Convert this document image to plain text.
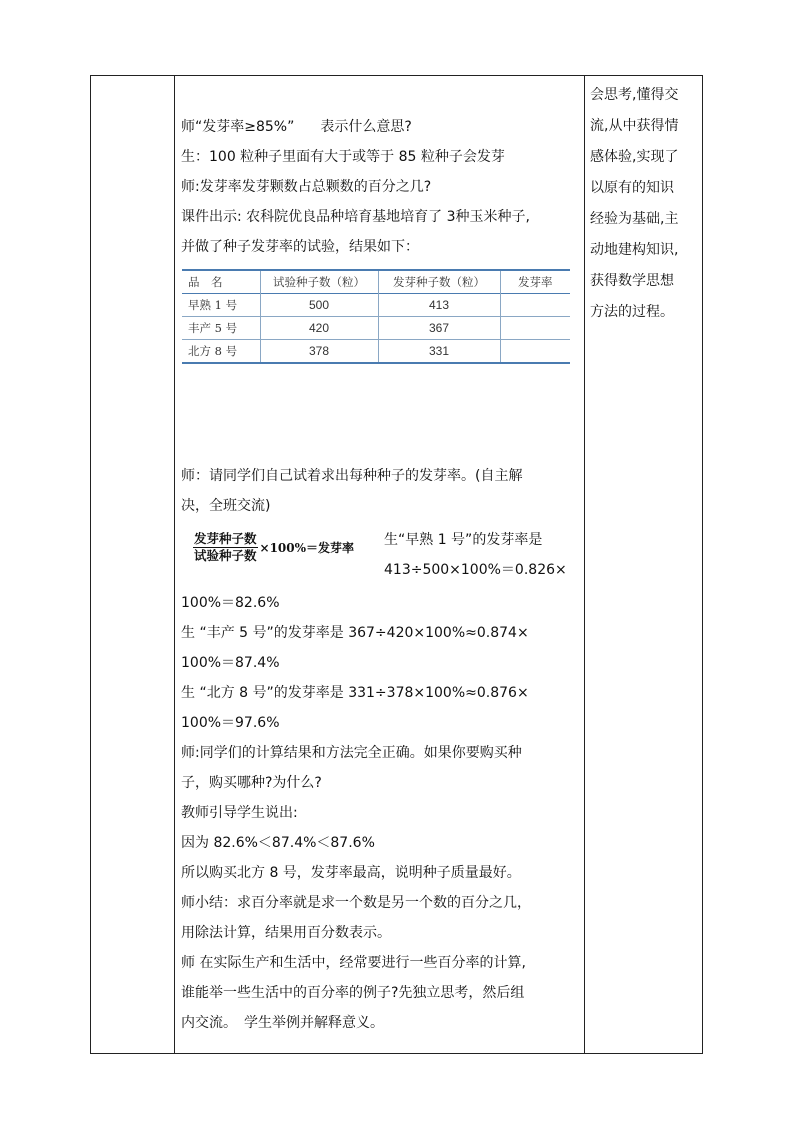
师“发芽率≥85%” 表示什么意思?
生：100 粒种子里面有大于或等于 85 粒种子会发芽
师:发芽率发芽颗数占总颗数的百分之几?
课件出示: 农科院优良品种培育基地培育了 3种玉米种子,
并做了种子发芽率的试验，结果如下：
品　名	试验种子数（粒）	发芽种子数（粒）	发芽率
早熟 1 号	500	413	
丰产 5 号	420	367	
北方 8 号	378	331	
师：请同学们自己试着求出每种种子的发芽率。(自主解
决，全班交流)
$\frac{\text{发芽种子数}}{\text{试验种子数}} \times 100\%=$发芽率 生“早熟 1 号”的发芽率是
413÷500×100%＝0.826×
100%＝82.6%
生 “丰产 5 号”的发芽率是 367÷420×100%≈0.874×
100%＝87.4%
生 “北方 8 号”的发芽率是 331÷378×100%≈0.876×
100%＝97.6%
师:同学们的计算结果和方法完全正确。如果你要购买种
子，购买哪种?为什么?
教师引导学生说出:
因为 82.6%＜87.4%＜87.6%
所以购买北方 8 号，发芽率最高，说明种子质量最好。
师小结：求百分率就是求一个数是另一个数的百分之几，
用除法计算，结果用百分数表示。
师 在实际生产和生活中，经常要进行一些百分率的计算,
谁能举一些生活中的百分率的例子?先独立思考，然后组
内交流。　学生举例并解释意义。
会思考,懂得交
流,从中获得情
感体验,实现了
以原有的知识
经验为基础,主
动地建构知识,
获得数学思想
方法的过程。
